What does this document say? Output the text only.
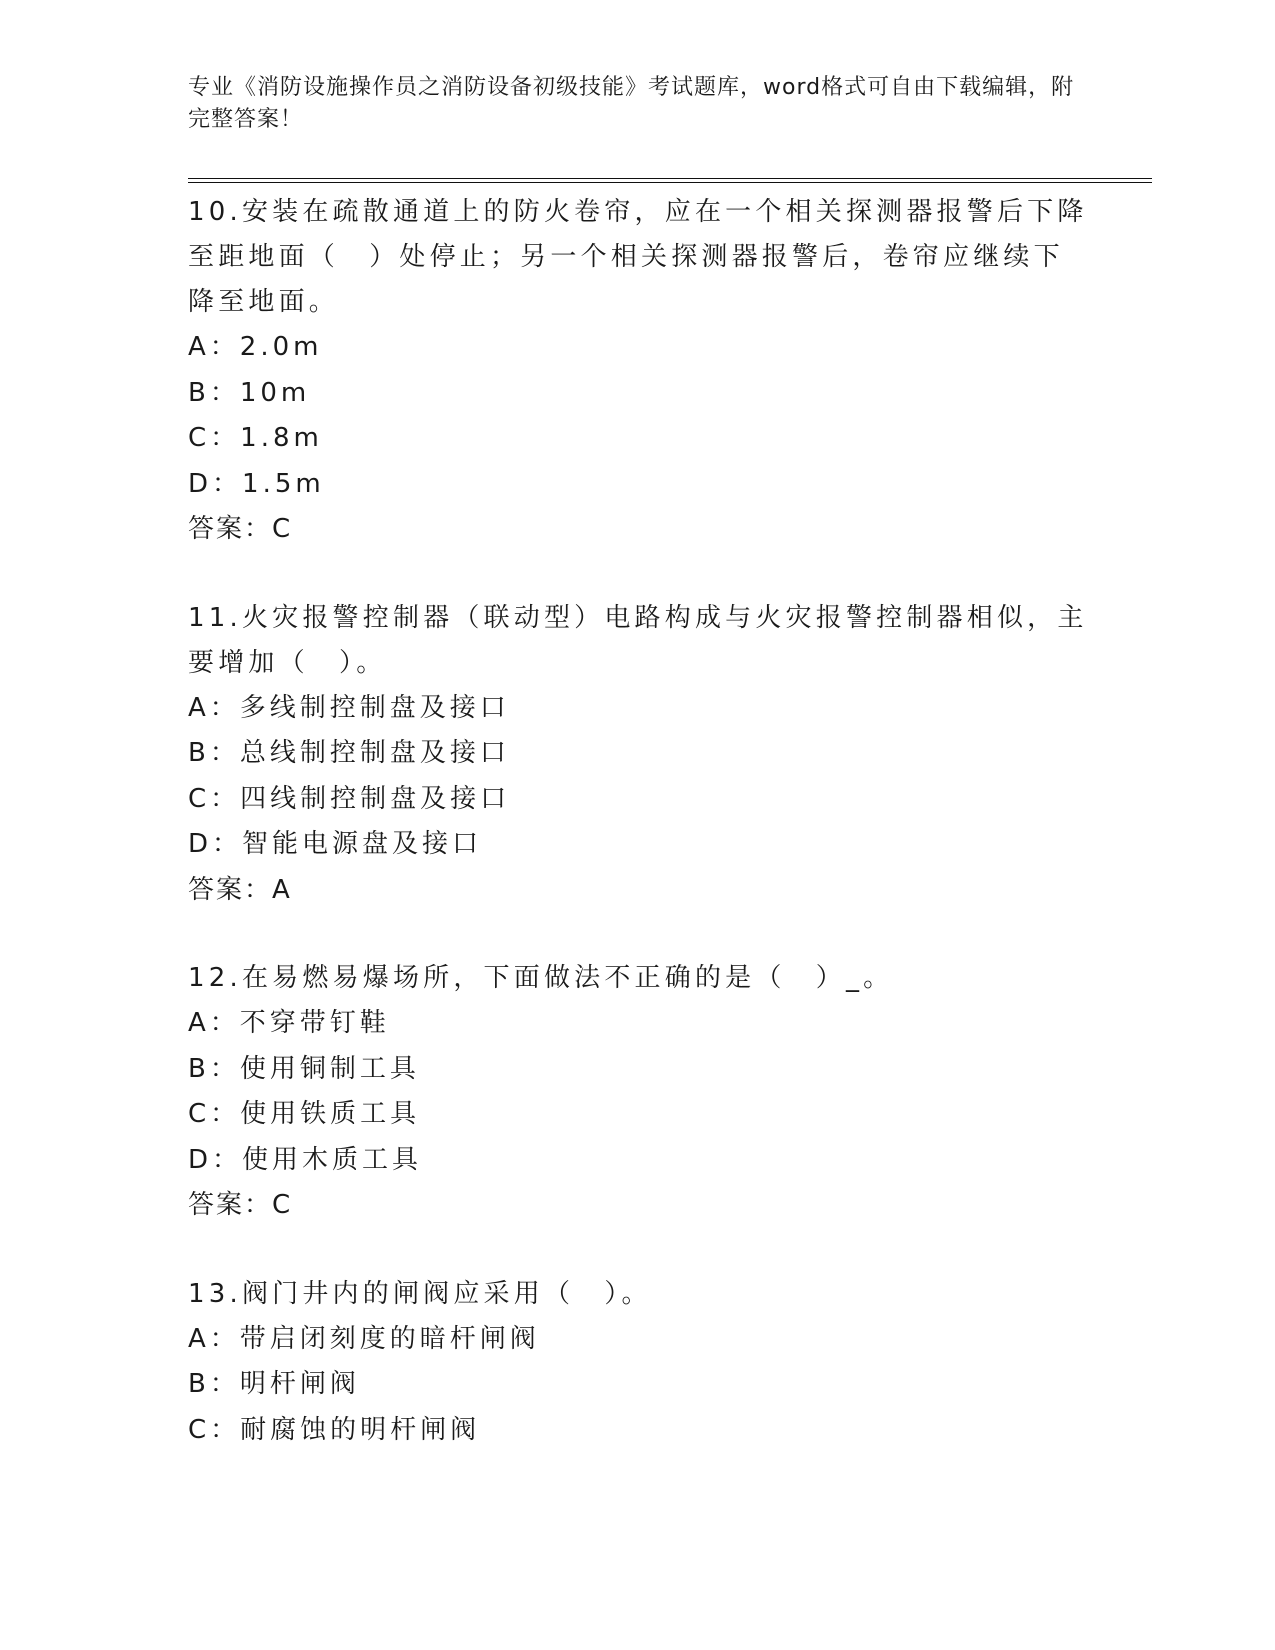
专业《消防设施操作员之消防设备初级技能》考试题库，word格式可自由下载编辑，附完整答案！

10.安装在疏散通道上的防火卷帘，应在一个相关探测器报警后下降至距地面（　）处停止；另一个相关探测器报警后，卷帘应继续下降至地面。

A：2.0m

B：10m

C：1.8m

D：1.5m

答案：C

11.火灾报警控制器（联动型）电路构成与火灾报警控制器相似，主要增加（　）。

A：多线制控制盘及接口

B：总线制控制盘及接口

C：四线制控制盘及接口

D：智能电源盘及接口

答案：A

12.在易燃易爆场所，下面做法不正确的是（　）_。

A：不穿带钉鞋

B：使用铜制工具

C：使用铁质工具

D：使用木质工具

答案：C

13.阀门井内的闸阀应采用（　）。

A：带启闭刻度的暗杆闸阀

B：明杆闸阀

C：耐腐蚀的明杆闸阀
